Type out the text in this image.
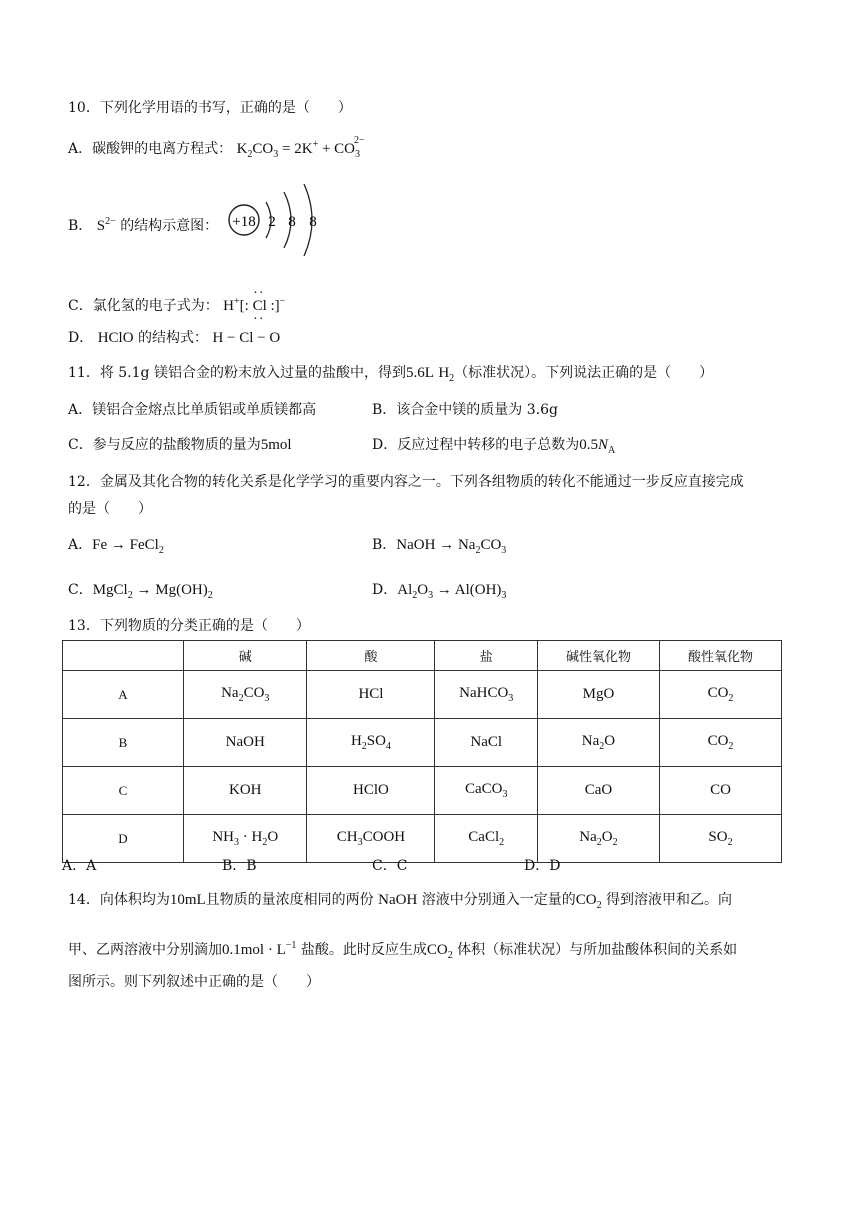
10．下列化学用语的书写，正确的是（　　）
A．碳酸钾的电离方程式： $K_2CO_3 = 2K^+ + CO_3^{2-}$
B． $S^{2-}$ 的结构示意图： +18 2 8 8
C．氯化氢的电子式为： H+[: Cl :]−
··
··
D． HClO 的结构式： H − Cl − O
11．将 5.1g 镁铝合金的粉末放入过量的盐酸中，得到5.6L $H_2$（标准状况）。下列说法正确的是（　　）
A．镁铝合金熔点比单质铝或单质镁都高	B．该合金中镁的质量为 3.6g
C．参与反应的盐酸物质的量为5mol	D．反应过程中转移的电子总数为$0.5N_A$
12．金属及其化合物的转化关系是化学学习的重要内容之一。下列各组物质的转化不能通过一步反应直接完成
的是（　　）
A．Fe → FeCl$_2$	B．NaOH → $Na_2CO_3$
C．MgCl$_2$ → $Mg(OH)_2$	D．$Al_2O_3 \to Al(OH)_3$
13．下列物质的分类正确的是（　　）
	碱	酸	盐	碱性氧化物	酸性氧化物
A	$Na_2CO_3$	HCl	NaHCO$_3$	MgO	$CO_2$
B	NaOH	$H_2SO_4$	NaCl	$Na_2O$	$CO_2$
C	KOH	HClO	CaCO$_3$	CaO	CO
D	$NH_3 \cdot H_2O$	$CH_3COOH$	CaCl$_2$	$Na_2O_2$	$SO_2$
A．A	B．B	C．C	D．D
14．向体积均为10mL且物质的量浓度相同的两份 NaOH 溶液中分别通入一定量的$CO_2$ 得到溶液甲和乙。向
甲、乙两溶液中分别滴加$0.1mol \cdot L^{-1}$ 盐酸。此时反应生成$CO_2$ 体积（标准状况）与所加盐酸体积间的关系如
图所示。则下列叙述中正确的是（　　）
